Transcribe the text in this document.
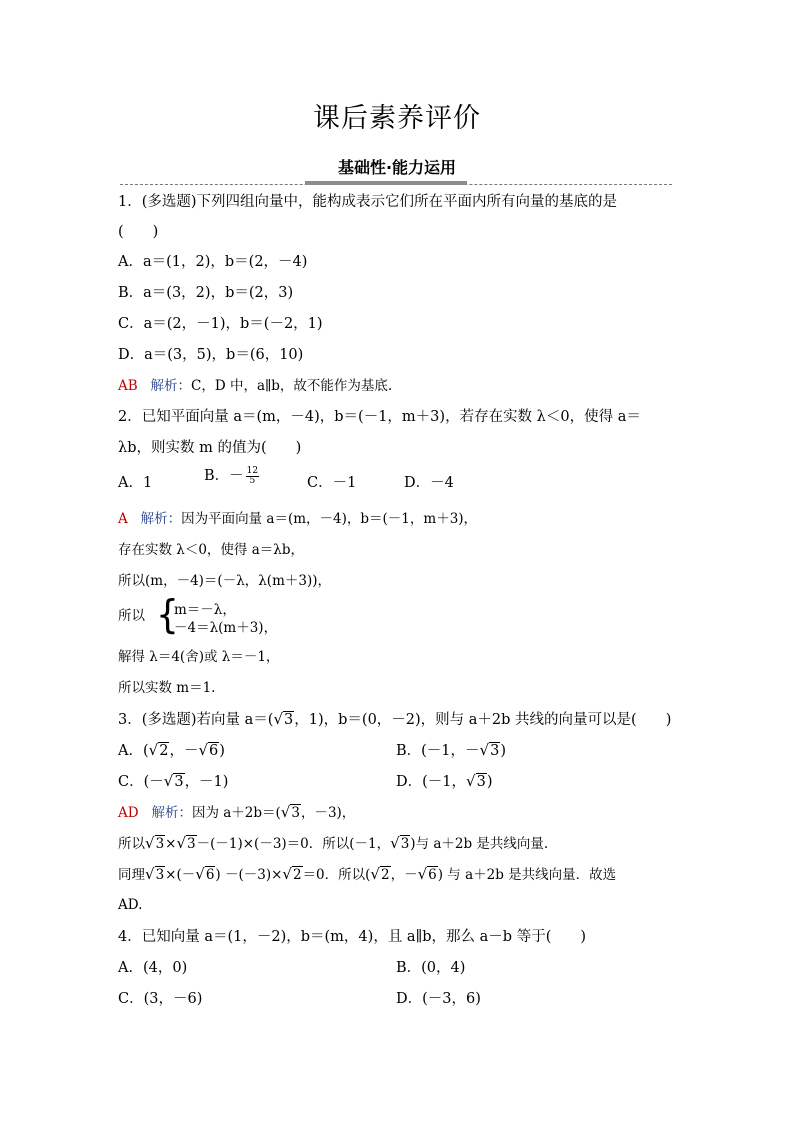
课后素养评价
基础性·能力运用
1．(多选题)下列四组向量中，能构成表示它们所在平面内所有向量的基底的是
(　　)
A．a＝(1，2)，b＝(2，－4)
B．a＝(3，2)，b＝(2，3)
C．a＝(2，－1)，b＝(－2，1)
D．a＝(3，5)，b＝(6，10)
AB 解析：C，D 中，a∥b，故不能作为基底.
2．已知平面向量 a＝(m，－4)，b＝(－1，m＋3)，若存在实数 λ＜0，使得 a＝
λb，则实数 m 的值为(　　)
A．1	B．－ $\frac{12}{5}$	C．－1	D．－4
A 解析：因为平面向量 a＝(m，－4)，b＝(－1，m＋3)，
存在实数 λ＜0，使得 a＝λb，
所以(m，－4)＝(－λ，λ(m＋3))，
所以 {
m＝－λ，
－4＝λ(m＋3)，
解得 λ＝4(舍)或 λ＝－1，
所以实数 m＝1.
3．(多选题)若向量 a＝(√3，1)，b＝(0，－2)，则与 a＋2b 共线的向量可以是(　　)
A．(√2，－√6)	B．(－1，－√3)
C．(－√3，－1)	D．(－1，√3)
AD 解析：因为 a＋2b＝(√3，－3)，
所以√3×√3－(－1)×(－3)＝0．所以(－1，√3)与 a＋2b 是共线向量.
同理√3×(－√6) －(－3)×√2＝0．所以(√2，－√6) 与 a＋2b 是共线向量．故选
AD.
4．已知向量 a＝(1，－2)，b＝(m，4)，且 a∥b，那么 a－b 等于(　　)
A．(4，0)	B．(0，4)
C．(3，－6)	D．(－3，6)
